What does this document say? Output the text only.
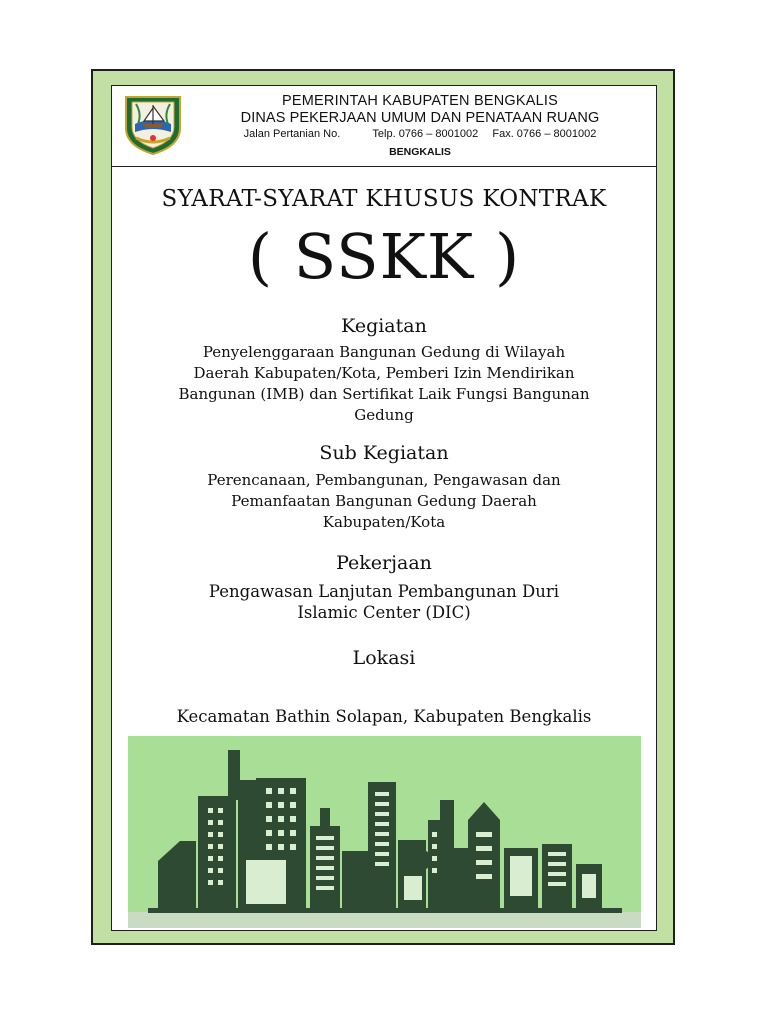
PEMERINTAH KABUPATEN BENGKALIS
DINAS PEKERJAAN UMUM DAN PENATAAN RUANG
Jalan Pertanian No.	Telp. 0766 – 8001002 Fax. 0766 – 8001002
BENGKALIS
SYARAT-SYARAT KHUSUS KONTRAK
( SSKK )
Kegiatan
Penyelenggaraan Bangunan Gedung di Wilayah
Daerah Kabupaten/Kota, Pemberi Izin Mendirikan
Bangunan (IMB) dan Sertifikat Laik Fungsi Bangunan
Gedung
Sub Kegiatan
Perencanaan, Pembangunan, Pengawasan dan
Pemanfaatan Bangunan Gedung Daerah
Kabupaten/Kota
Pekerjaan
Pengawasan Lanjutan Pembangunan Duri
Islamic Center (DIC)
Lokasi
Kecamatan Bathin Solapan, Kabupaten Bengkalis
